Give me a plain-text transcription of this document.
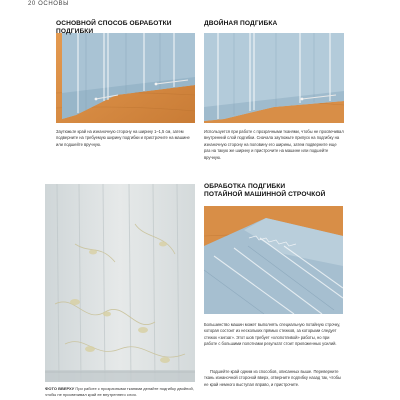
20 ОСНОВЫ
ОСНОВНОЙ СПОСОБ ОБРАБОТКИ ПОДГИБКИ
Заутюжьте край на изнаночную сторону на ширину 1–1,5 см, затем подверните на требуемую ширину подгибки и пристрочите на машине или подшейте вручную.
ДВОЙНАЯ ПОДГИБКА
Используется при работе с прозрачными тканями, чтобы не просвечивал внутренний слой подгибки. Сначала заутюжьте припуск на подгибку на изнаночную сторону на половину его ширины, затем подверните еще раз на такую же ширину и пристрочите на машине или подшейте вручную.
ФОТО ВВЕРХУ При работе с прозрачными тканями делайте подгибку двойной, чтобы не просвечивал край ее внутреннего слоя.
ОБРАБОТКА ПОДГИБКИ
ПОТАЙНОЙ МАШИННОЙ СТРОЧКОЙ
Большинство машин может выполнять специальную потайную строчку, которая состоит из нескольких прямых стежков, за которыми следует стежок «зигзаг». Этот шов требует «хлопотливой» работы, но при работе с большими полотнами результат стоит приложенных усилий.
Подшейте край одним из способов, описанных выше. Переверните ткань изнаночной стороной вверх, отверните подгибку назад так, чтобы ее край немного выступал вправо, и пристрочите.
